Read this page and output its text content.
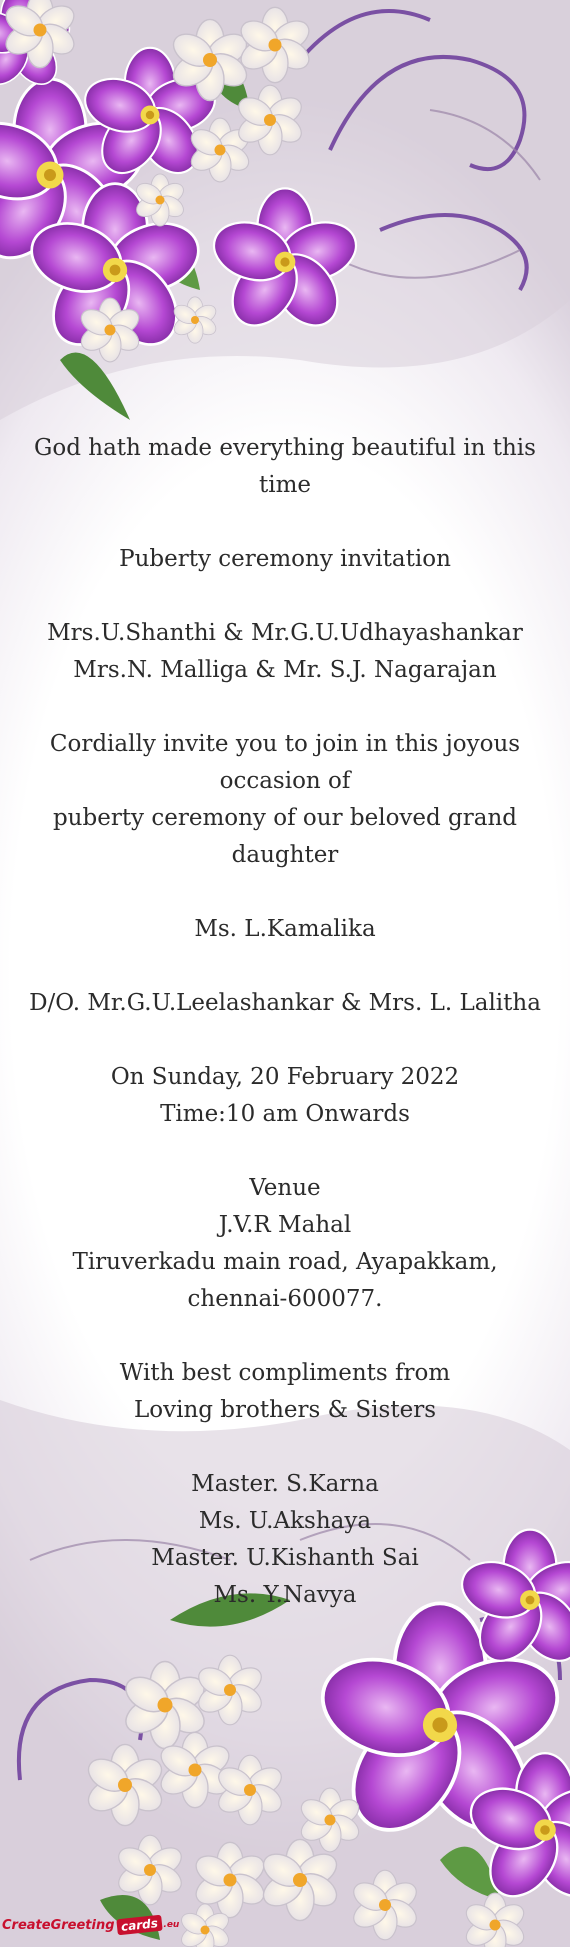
God hath made everything beautiful in this time

Puberty ceremony invitation

Mrs.U.Shanthi & Mr.G.U.Udhayashankar

Mrs.N. Malliga & Mr. S.J. Nagarajan

Cordially invite you to join in this joyous occasion of

puberty ceremony of our beloved grand daughter

Ms. L.Kamalika

D/O. Mr.G.U.Leelashankar & Mrs. L. Lalitha

On Sunday, 20 February 2022

Time:10 am Onwards

Venue

J.V.R Mahal

Tiruverkadu main road, Ayapakkam,

chennai-600077.

With best compliments from

Loving brothers & Sisters

Master. S.Karna

Ms. U.Akshaya

Master. U.Kishanth Sai

Ms. Y.Navya

CreateGreeting cards .eu
